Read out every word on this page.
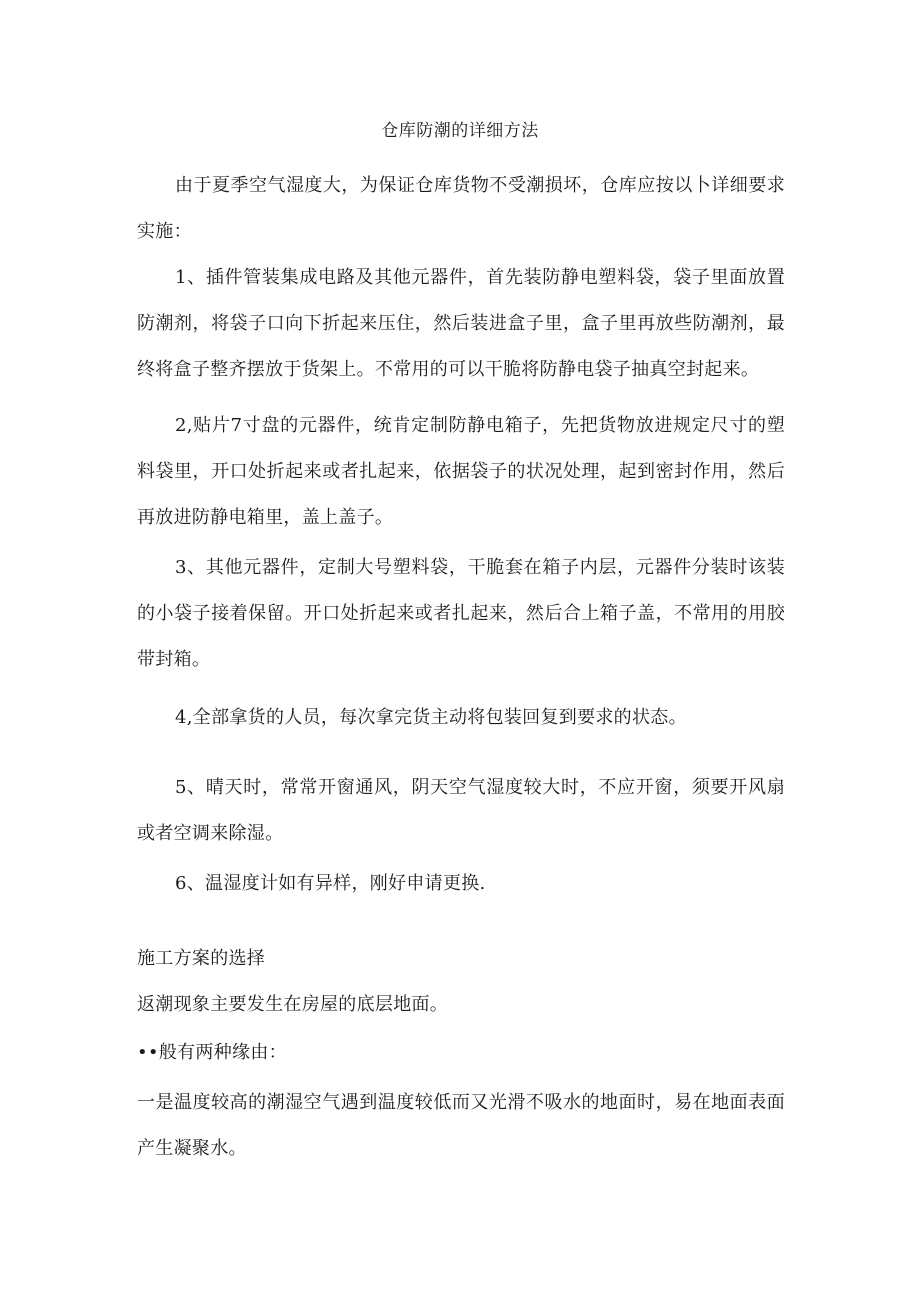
仓库防潮的详细方法

由于夏季空气湿度大，为保证仓库货物不受潮损坏，仓库应按以卜详细要求实施：

1、插件管装集成电路及其他元器件，首先装防静电塑料袋，袋子里面放置防潮剂，将袋子口向下折起来压住，然后装进盒子里，盒子里再放些防潮剂，最终将盒子整齐摆放于货架上。不常用的可以干脆将防静电袋子抽真空封起来。

2,贴片7寸盘的元器件，统肯定制防静电箱子，先把货物放进规定尺寸的塑料袋里，开口处折起来或者扎起来，依据袋子的状况处理，起到密封作用，然后再放进防静电箱里，盖上盖子。

3、其他元器件，定制大号塑料袋，干脆套在箱子内层，元器件分装时该装的小袋子接着保留。开口处折起来或者扎起来，然后合上箱子盖，不常用的用胶带封箱。

4,全部拿货的人员，每次拿完货主动将包装回复到要求的状态。

5、晴天时，常常开窗通风，阴天空气湿度较大时，不应开窗，须要开风扇或者空调来除湿。

6、温湿度计如有异样，刚好申请更换.

施工方案的选择

返潮现象主要发生在房屋的底层地面。

••般有两种缘由：

一是温度较高的潮湿空气遇到温度较低而又光滑不吸水的地面时，易在地面表面产生凝聚水。
